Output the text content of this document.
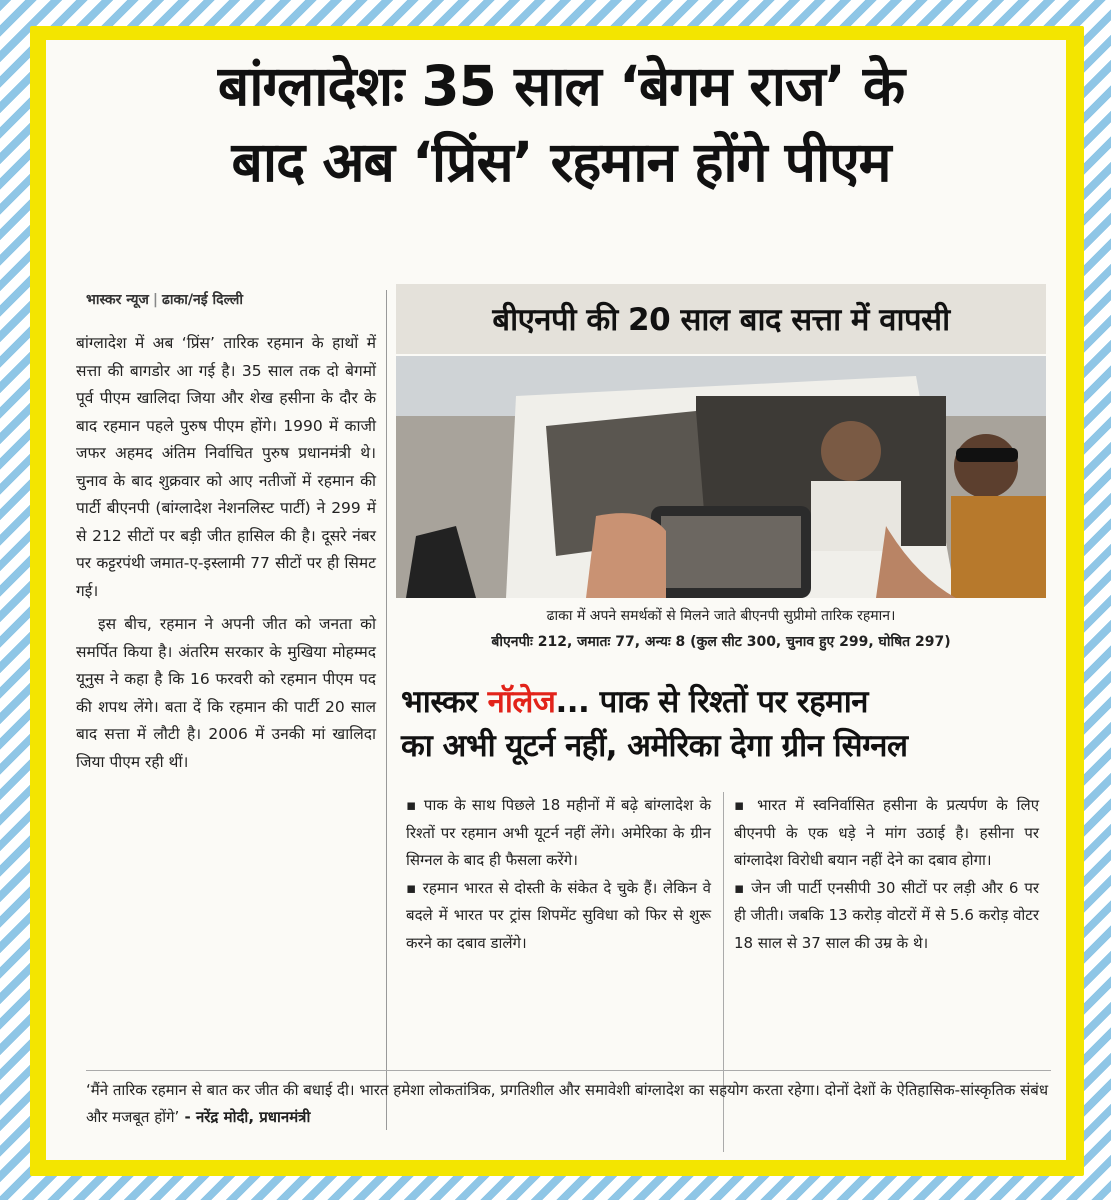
बांग्लादेशः 35 साल ‘बेगम राज’ के
बाद अब ‘प्रिंस’ रहमान होंगे पीएम
भास्कर न्यूज | ढाका/नई दिल्ली

बांग्लादेश में अब ‘प्रिंस’ तारिक रहमान के हाथों में सत्ता की बागडोर आ गई है। 35 साल तक दो बेगमों पूर्व पीएम खालिदा जिया और शेख हसीना के दौर के बाद रहमान पहले पुरुष पीएम होंगे। 1990 में काजी जफर अहमद अंतिम निर्वाचित पुरुष प्रधानमंत्री थे। चुनाव के बाद शुक्रवार को आए नतीजों में रहमान की पार्टी बीएनपी (बांग्लादेश नेशनलिस्ट पार्टी) ने 299 में से 212 सीटों पर बड़ी जीत हासिल की है। दूसरे नंबर पर कट्टरपंथी जमात-ए-इस्लामी 77 सीटों पर ही सिमट गई।

इस बीच, रहमान ने अपनी जीत को जनता को समर्पित किया है। अंतरिम सरकार के मुखिया मोहम्मद यूनुस ने कहा है कि 16 फरवरी को रहमान पीएम पद की शपथ लेंगे। बता दें कि रहमान की पार्टी 20 साल बाद सत्ता में लौटी है। 2006 में उनकी मां खालिदा जिया पीएम रही थीं।

बीएनपी की 20 साल बाद सत्ता में वापसी
ढाका में अपने समर्थकों से मिलने जाते बीएनपी सुप्रीमो तारिक रहमान।
बीएनपीः 212, जमातः 77, अन्यः 8 (कुल सीट 300, चुनाव हुए 299, घोषित 297)
भास्कर नॉलेज... पाक से रिश्तों पर रहमान
का अभी यूटर्न नहीं, अमेरिका देगा ग्रीन सिग्नल

▪ पाक के साथ पिछले 18 महीनों में बढ़े बांग्लादेश के रिश्तों पर रहमान अभी यूटर्न नहीं लेंगे। अमेरिका के ग्रीन सिग्नल के बाद ही फैसला करेंगे।

▪ रहमान भारत से दोस्ती के संकेत दे चुके हैं। लेकिन वे बदले में भारत पर ट्रांस शिपमेंट सुविधा को फिर से शुरू करने का दबाव डालेंगे।

▪ भारत में स्वनिर्वासित हसीना के प्रत्यर्पण के लिए बीएनपी के एक धड़े ने मांग उठाई है। हसीना पर बांग्लादेश विरोधी बयान नहीं देने का दबाव होगा।

▪ जेन जी पार्टी एनसीपी 30 सीटों पर लड़ी और 6 पर ही जीती। जबकि 13 करोड़ वोटरों में से 5.6 करोड़ वोटर 18 साल से 37 साल की उम्र के थे।

‘मैंने तारिक रहमान से बात कर जीत की बधाई दी। भारत हमेशा लोकतांत्रिक, प्रगतिशील और समावेशी बांग्लादेश का सहयोग करता रहेगा। दोनों देशों के ऐतिहासिक-सांस्कृतिक संबंध और मजबूत होंगे’ - नरेंद्र मोदी, प्रधानमंत्री
